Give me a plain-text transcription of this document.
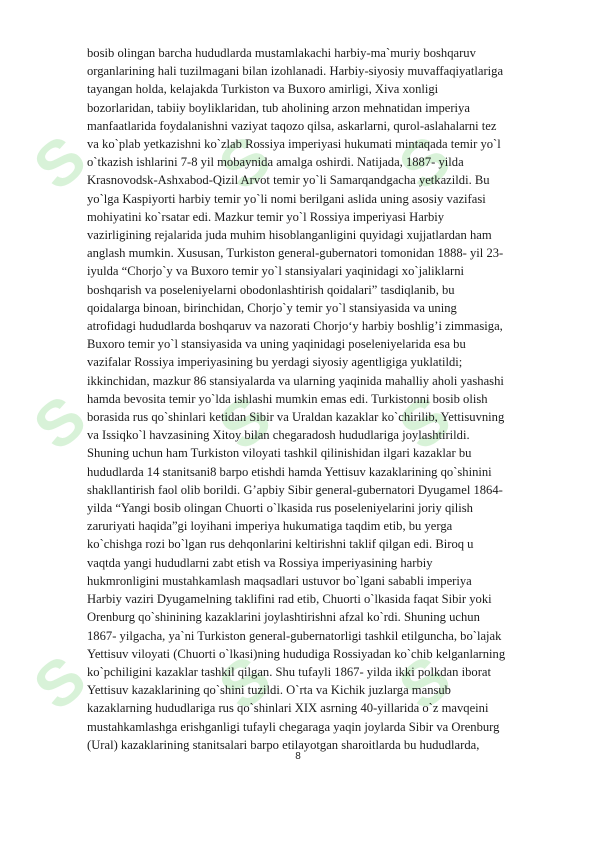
S S S
S S S
S S S
bosib olingan barcha hududlarda mustamlakachi harbiy-ma`muriy boshqaruv
organlarining hali tuzilmagani bilan izohlanadi. Harbiy-siyosiy muvaffaqiyatlariga
tayangan holda, kelajakda Turkiston va Buxoro amirligi, Xiva xonligi
bozorlaridan, tabiiy boyliklaridan, tub aholining arzon mehnatidan imperiya
manfaatlarida foydalanishni vaziyat taqozo qilsa, askarlarni, qurol-aslahalarni tez
va ko`plab yetkazishni ko`zlab Rossiya imperiyasi hukumati mintaqada temir yo`l
o`tkazish ishlarini 7-8 yil mobaynida amalga oshirdi. Natijada, 1887- yilda
Krasnovodsk-Ashxabod-Qizil Arvot temir yo`li Samarqandgacha yetkazildi. Bu
yo`lga Kaspiyorti harbiy temir yo`li nomi berilgani aslida uning asosiy vazifasi
mohiyatini ko`rsatar edi. Mazkur temir yo`l Rossiya imperiyasi Harbiy
vazirligining rejalarida juda muhim hisoblanganligini quyidagi xujjatlardan ham
anglash mumkin. Xususan, Turkiston general-gubernatori tomonidan 1888- yil 23-
iyulda “Chorjo`y va Buxoro temir yo`l stansiyalari yaqinidagi xo`jaliklarni
boshqarish va poseleniyelarni obodonlashtirish qoidalari” tasdiqlanib, bu
qoidalarga binoan, birinchidan, Chorjo`y temir yo`l stansiyasida va uning
atrofidagi hududlarda boshqaruv va nazorati Chorjo‘y harbiy boshlig’i zimmasiga,
Buxoro temir yo`l stansiyasida va uning yaqinidagi poseleniyelarida esa bu
vazifalar Rossiya imperiyasining bu yerdagi siyosiy agentligiga yuklatildi;
ikkinchidan, mazkur 86 stansiyalarda va ularning yaqinida mahalliy aholi yashashi
hamda bevosita temir yo`lda ishlashi mumkin emas edi. Turkistonni bosib olish
borasida rus qo`shinlari ketidan Sibir va Uraldan kazaklar ko`chirilib, Yettisuvning
va Issiqko`l havzasining Xitoy bilan chegaradosh hududlariga joylashtirildi.
Shuning uchun ham Turkiston viloyati tashkil qilinishidan ilgari kazaklar bu
hududlarda 14 stanitsani8 barpo etishdi hamda Yettisuv kazaklarining qo`shinini
shakllantirish faol olib borildi. G’apbiy Sibir general-gubernatori Dyugamel 1864-
yilda “Yangi bosib olingan Chuorti o`lkasida rus poseleniyelarini joriy qilish
zaruriyati haqida”gi loyihani imperiya hukumatiga taqdim etib, bu yerga
ko`chishga rozi bo`lgan rus dehqonlarini keltirishni taklif qilgan edi. Biroq u
vaqtda yangi hududlarni zabt etish va Rossiya imperiyasining harbiy
hukmronligini mustahkamlash maqsadlari ustuvor bo`lgani sababli imperiya
Harbiy vaziri Dyugamelning taklifini rad etib, Chuorti o`lkasida faqat Sibir yoki
Orenburg qo`shinining kazaklarini joylashtirishni afzal ko`rdi. Shuning uchun
1867- yilgacha, ya`ni Turkiston general-gubernatorligi tashkil etilguncha, bo`lajak
Yettisuv viloyati (Chuorti o`lkasi)ning hududiga Rossiyadan ko`chib kelganlarning
ko`pchiligini kazaklar tashkil qilgan. Shu tufayli 1867- yilda ikki polkdan iborat
Yettisuv kazaklarining qo`shini tuzildi. O`rta va Kichik juzlarga mansub
kazaklarning hududlariga rus qo`shinlari XIX asrning 40-yillarida o`z mavqeini
mustahkamlashga erishganligi tufayli chegaraga yaqin joylarda Sibir va Orenburg
(Ural) kazaklarining stanitsalari barpo etilayotgan sharoitlarda bu hududlarda,
8
